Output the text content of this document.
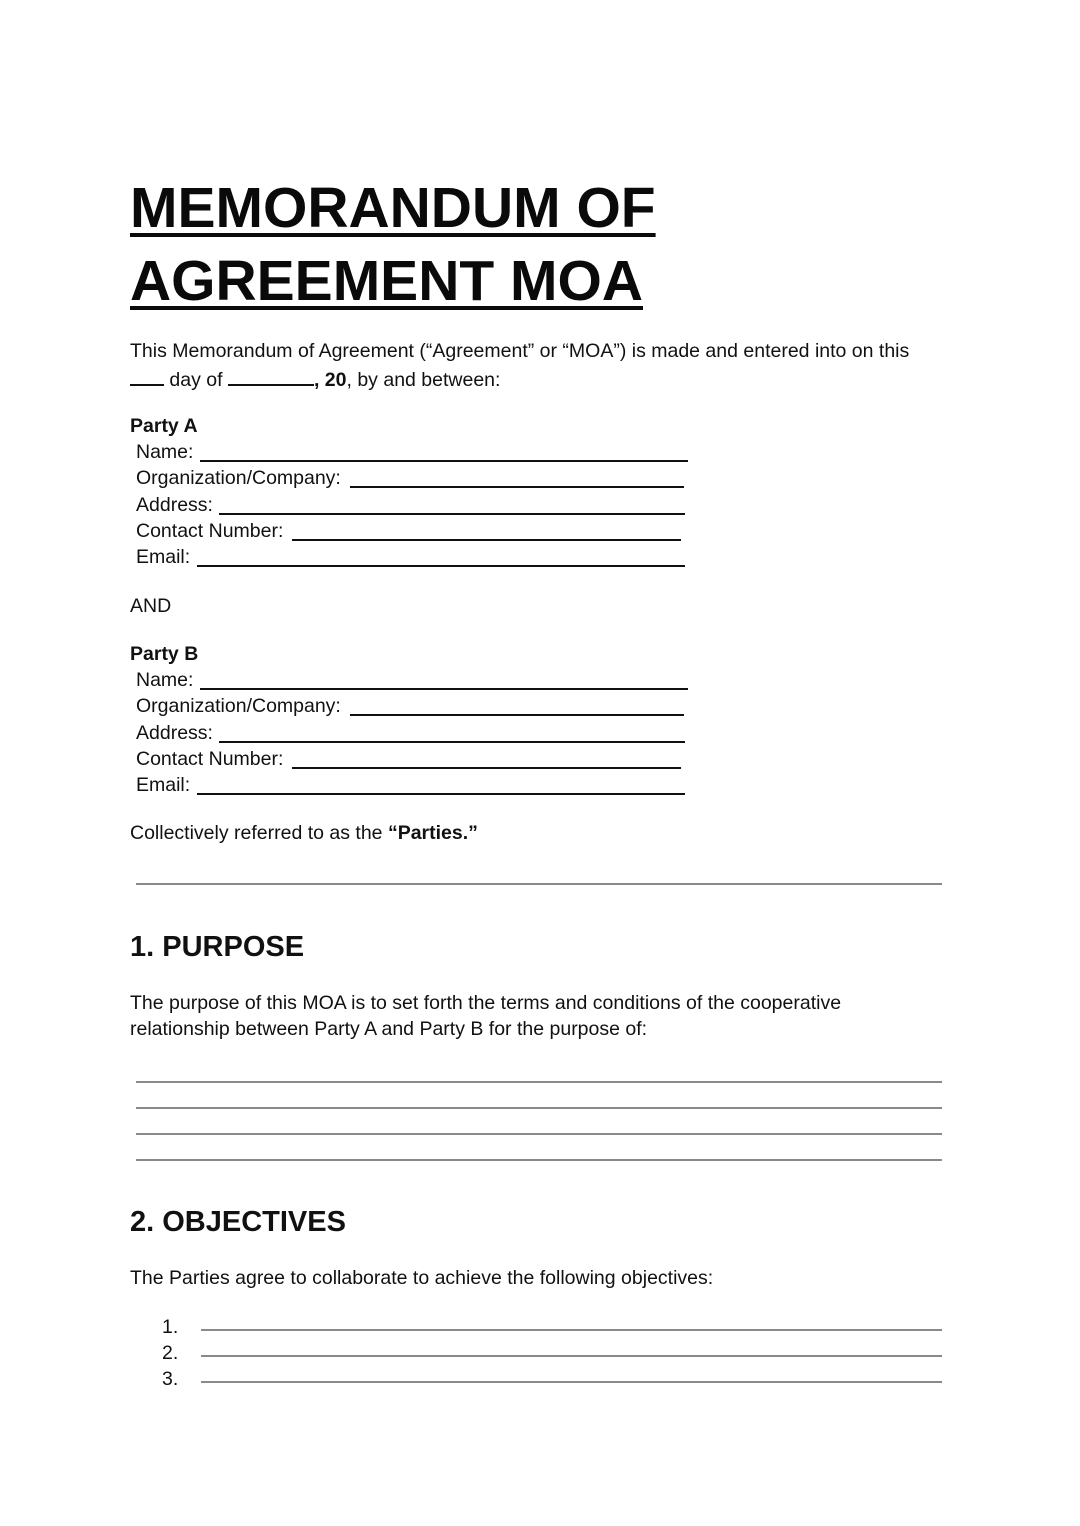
MEMORANDUM OF
AGREEMENT MOA
This Memorandum of Agreement (“Agreement” or “MOA”) is made and entered into on this
day of	, 20, by and between:
Party A
Name:
Organization/Company:
Address:
Contact Number:
Email:
AND
Party B
Name:
Organization/Company:
Address:
Contact Number:
Email:
Collectively referred to as the “Parties.”
1. PURPOSE
The purpose of this MOA is to set forth the terms and conditions of the cooperative
relationship between Party A and Party B for the purpose of:
2. OBJECTIVES
The Parties agree to collaborate to achieve the following objectives:
1.
2.
3.
